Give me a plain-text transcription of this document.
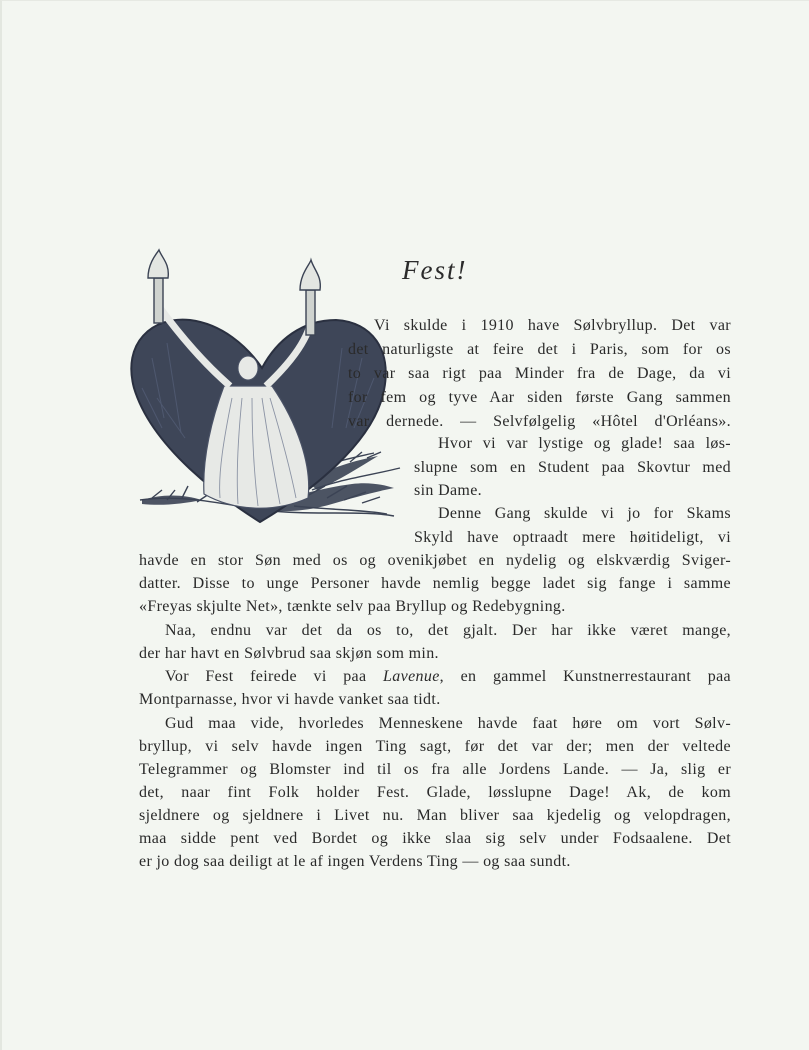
Fest!

Vi skulde i 1910 have Sølvbryllup. Det var

det naturligste at feire det i Paris, som for os

to var saa rigt paa Minder fra de Dage, da vi

for fem og tyve Aar siden første Gang sammen

var dernede. — Selvfølgelig «Hôtel d'Orléans».

Hvor vi var lystige og glade! saa løs-

slupne som en Student paa Skovtur med

sin Dame.

Denne Gang skulde vi jo for Skams

Skyld have optraadt mere høitideligt, vi

havde en stor Søn med os og ovenikjøbet en nydelig og elskværdig Sviger-

datter. Disse to unge Personer havde nemlig begge ladet sig fange i samme

«Freyas skjulte Net», tænkte selv paa Bryllup og Redebygning.

Naa, endnu var det da os to, det gjalt. Der har ikke været mange,

der har havt en Sølvbrud saa skjøn som min.

Vor Fest feirede vi paa Lavenue, en gammel Kunstnerrestaurant paa

Montparnasse, hvor vi havde vanket saa tidt.

Gud maa vide, hvorledes Menneskene havde faat høre om vort Sølv-

bryllup, vi selv havde ingen Ting sagt, før det var der; men der veltede

Telegrammer og Blomster ind til os fra alle Jordens Lande. — Ja, slig er

det, naar fint Folk holder Fest. Glade, løsslupne Dage! Ak, de kom

sjeldnere og sjeldnere i Livet nu. Man bliver saa kjedelig og velopdragen,

maa sidde pent ved Bordet og ikke slaa sig selv under Fodsaalene. Det

er jo dog saa deiligt at le af ingen Verdens Ting — og saa sundt.
